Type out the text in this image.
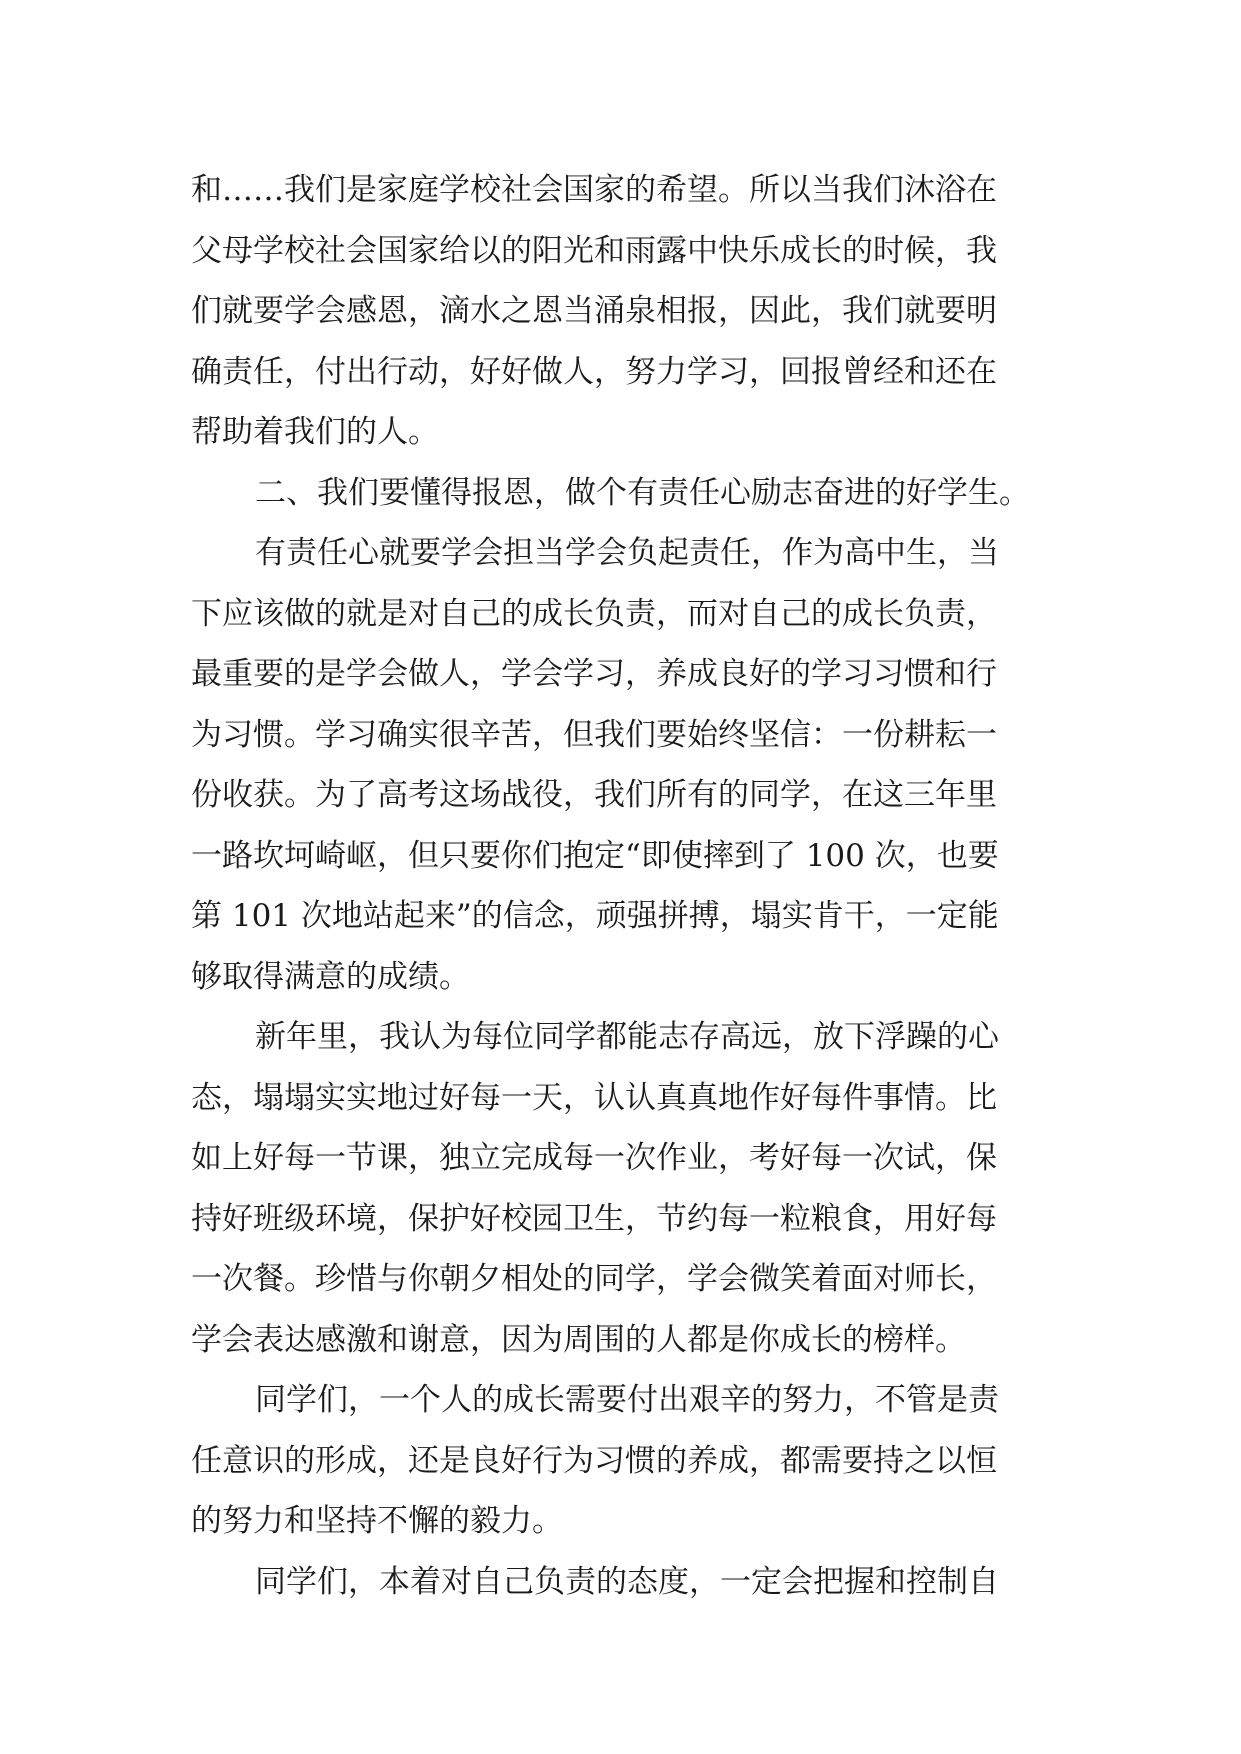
和……我们是家庭学校社会国家的希望。所以当我们沐浴在
父母学校社会国家给以的阳光和雨露中快乐成长的时候，我
们就要学会感恩，滴水之恩当涌泉相报，因此，我们就要明
确责任，付出行动，好好做人，努力学习，回报曾经和还在
帮助着我们的人。
二、我们要懂得报恩，做个有责任心励志奋进的好学生。
有责任心就要学会担当学会负起责任，作为高中生，当
下应该做的就是对自己的成长负责，而对自己的成长负责，
最重要的是学会做人，学会学习，养成良好的学习习惯和行
为习惯。学习确实很辛苦，但我们要始终坚信：一份耕耘一
份收获。为了高考这场战役，我们所有的同学，在这三年里
一路坎坷崎岖，但只要你们抱定“即使摔到了 100 次，也要
第 101 次地站起来”的信念，顽强拼搏，塌实肯干，一定能
够取得满意的成绩。
新年里，我认为每位同学都能志存高远，放下浮躁的心
态，塌塌实实地过好每一天，认认真真地作好每件事情。比
如上好每一节课，独立完成每一次作业，考好每一次试，保
持好班级环境，保护好校园卫生，节约每一粒粮食，用好每
一次餐。珍惜与你朝夕相处的同学，学会微笑着面对师长，
学会表达感激和谢意，因为周围的人都是你成长的榜样。
同学们，一个人的成长需要付出艰辛的努力，不管是责
任意识的形成，还是良好行为习惯的养成，都需要持之以恒
的努力和坚持不懈的毅力。
同学们，本着对自己负责的态度，一定会把握和控制自
